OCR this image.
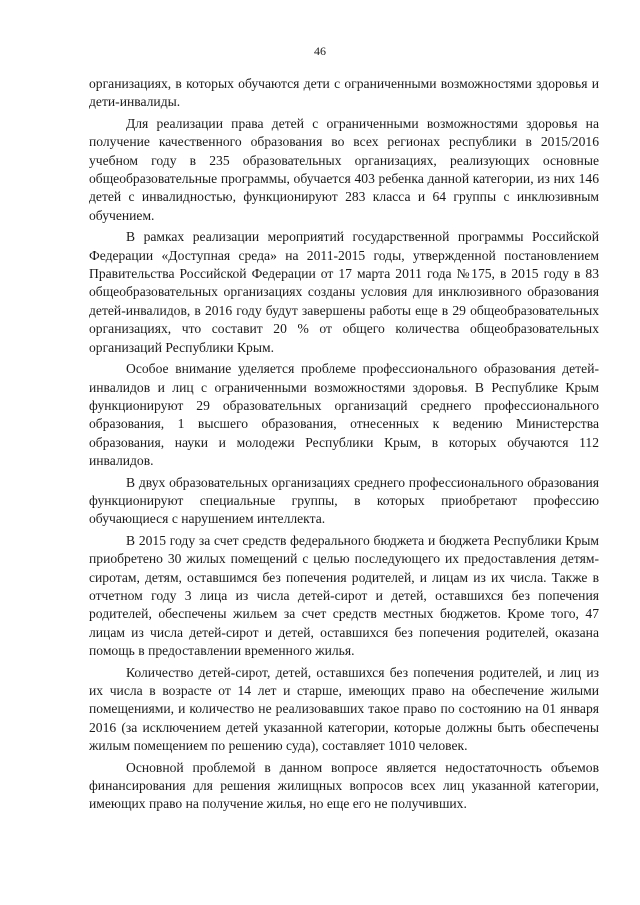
46

организациях, в которых обучаются дети с ограниченными возможностями здоровья и дети-инвалиды.

Для реализации права детей с ограниченными возможностями здоровья на получение качественного образования во всех регионах республики в 2015/2016 учебном году в 235 образовательных организациях, реализующих основные общеобразовательные программы, обучается 403 ребенка данной категории, из них 146 детей с инвалидностью, функционируют 283 класса и 64 группы с инклюзивным обучением.

В рамках реализации мероприятий государственной программы Российской Федерации «Доступная среда» на 2011-2015 годы, утвержденной постановлением Правительства Российской Федерации от 17 марта 2011 года №175, в 2015 году в 83 общеобразовательных организациях созданы условия для инклюзивного образования детей-инвалидов, в 2016 году будут завершены работы еще в 29 общеобразовательных организациях, что составит 20 % от общего количества общеобразовательных организаций Республики Крым.

Особое внимание уделяется проблеме профессионального образования детей-инвалидов и лиц с ограниченными возможностями здоровья. В Республике Крым функционируют 29 образовательных организаций среднего профессионального образования, 1 высшего образования, отнесенных к ведению Министерства образования, науки и молодежи Республики Крым, в которых обучаются 112 инвалидов.

В двух образовательных организациях среднего профессионального образования функционируют специальные группы, в которых приобретают профессию обучающиеся с нарушением интеллекта.

В 2015 году за счет средств федерального бюджета и бюджета Республики Крым приобретено 30 жилых помещений с целью последующего их предоставления детям-сиротам, детям, оставшимся без попечения родителей, и лицам из их числа. Также в отчетном году 3 лица из числа детей-сирот и детей, оставшихся без попечения родителей, обеспечены жильем за счет средств местных бюджетов. Кроме того, 47 лицам из числа детей-сирот и детей, оставшихся без попечения родителей, оказана помощь в предоставлении временного жилья.

Количество детей-сирот, детей, оставшихся без попечения родителей, и лиц из их числа в возрасте от 14 лет и старше, имеющих право на обеспечение жилыми помещениями, и количество не реализовавших такое право по состоянию на 01 января 2016 (за исключением детей указанной категории, которые должны быть обеспечены жилым помещением по решению суда), составляет 1010 человек.

Основной проблемой в данном вопросе является недостаточность объемов финансирования для решения жилищных вопросов всех лиц указанной категории, имеющих право на получение жилья, но еще его не получивших.
